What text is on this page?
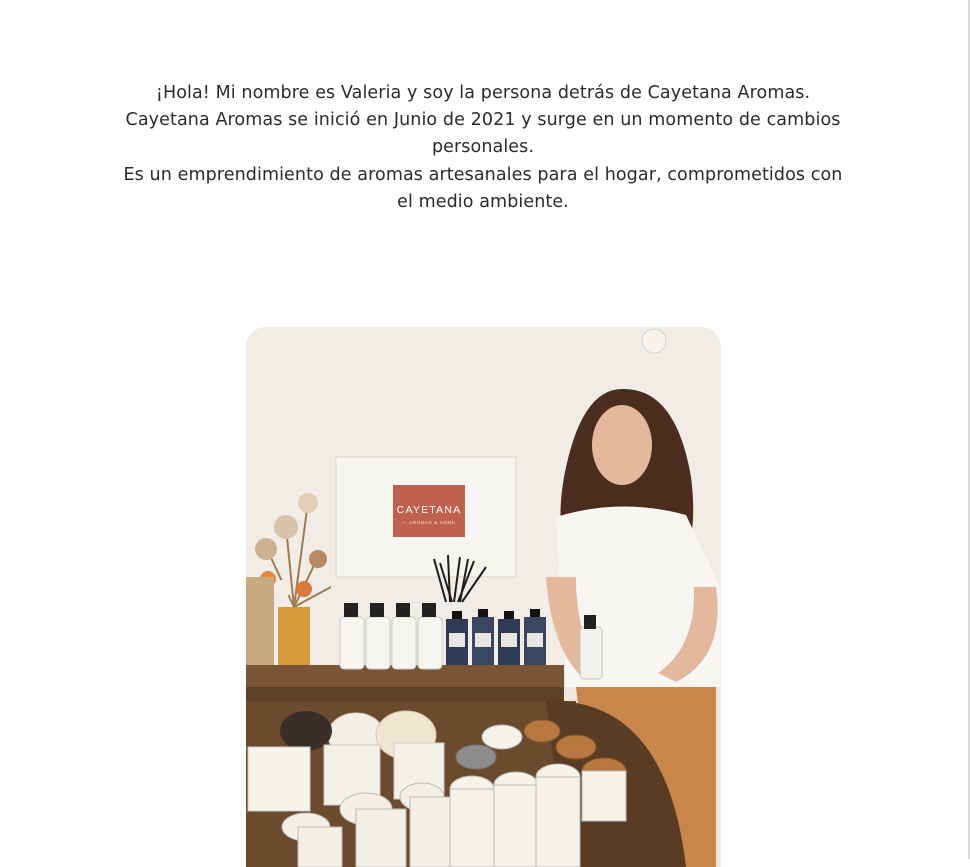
¡Hola! Mi nombre es Valeria y soy la persona detrás de Cayetana Aromas.

Cayetana Aromas se inició en Junio de 2021 y surge en un momento de cambios personales.

Es un emprendimiento de aromas artesanales para el hogar, comprometidos con el medio ambiente.

CAYETANA
— AROMAS & HOME
